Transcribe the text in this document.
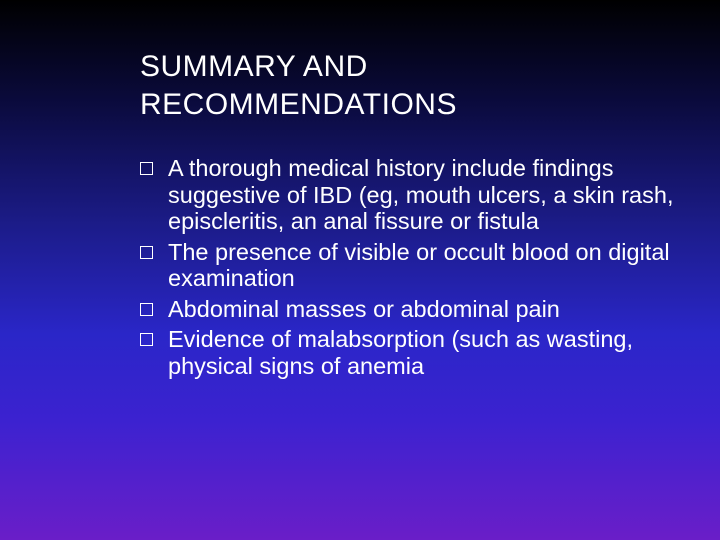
SUMMARY AND RECOMMENDATIONS
A thorough medical history include findings suggestive of IBD (eg, mouth ulcers, a skin rash, episcleritis, an anal fissure or fistula
The presence of visible or occult blood on digital examination
Abdominal masses or abdominal pain
Evidence of malabsorption (such as wasting, physical signs of anemia
